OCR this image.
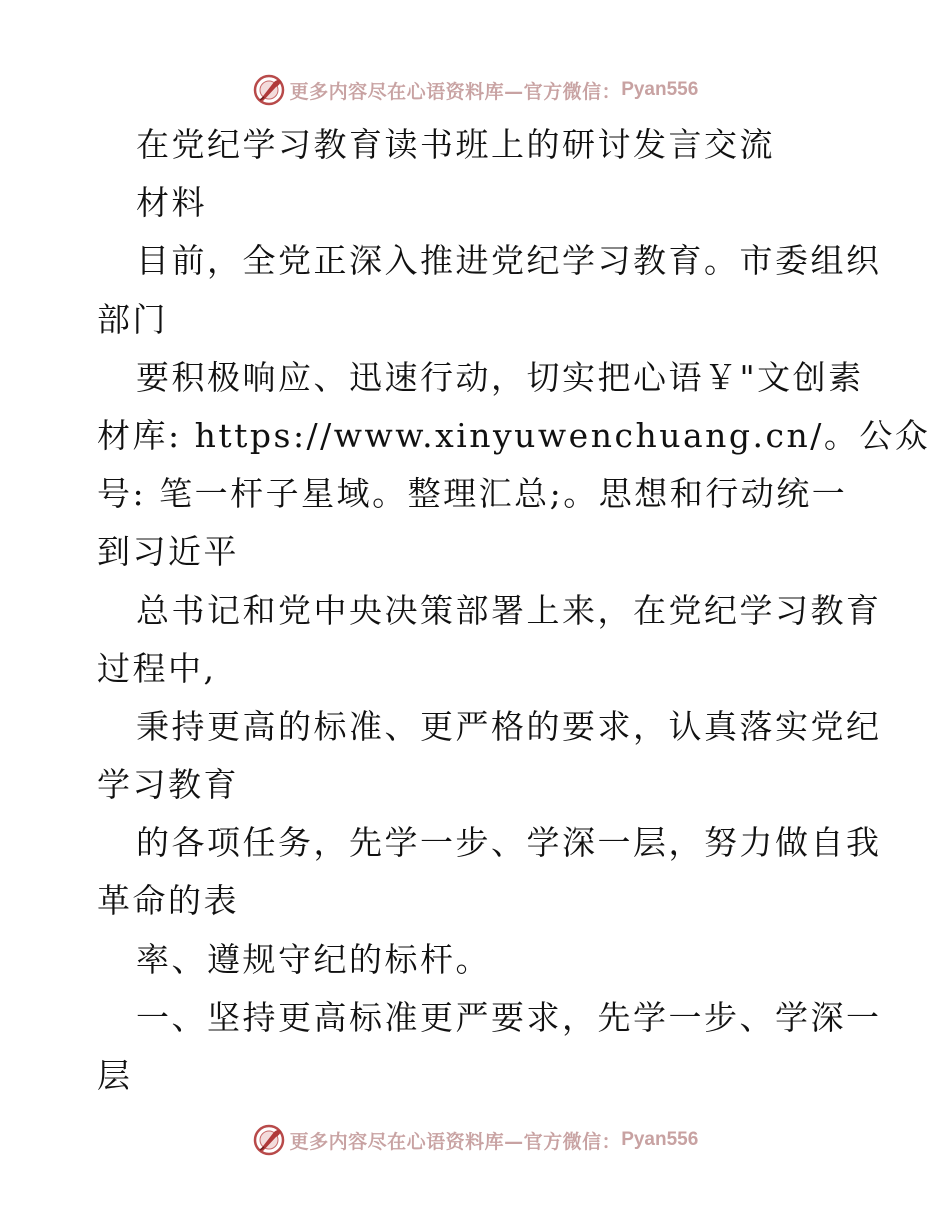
更多内容尽在心语资料库—官方微信： Pyan556
在党纪学习教育读书班上的研讨发言交流
材料
目前，全党正深入推进党纪学习教育。市委组织
部门
要积极响应、迅速行动，切实把心语￥"文创素
材库: https://www.xinyuwenchuang.cn/。公众
号: 笔一杆子星域。整理汇总;。思想和行动统一
到习近平
总书记和党中央决策部署上来，在党纪学习教育
过程中,
秉持更高的标准、更严格的要求，认真落实党纪
学习教育
的各项任务，先学一步、学深一层，努力做自我
革命的表
率、遵规守纪的标杆。
一、坚持更高标准更严要求，先学一步、学深一
层
更多内容尽在心语资料库—官方微信： Pyan556
